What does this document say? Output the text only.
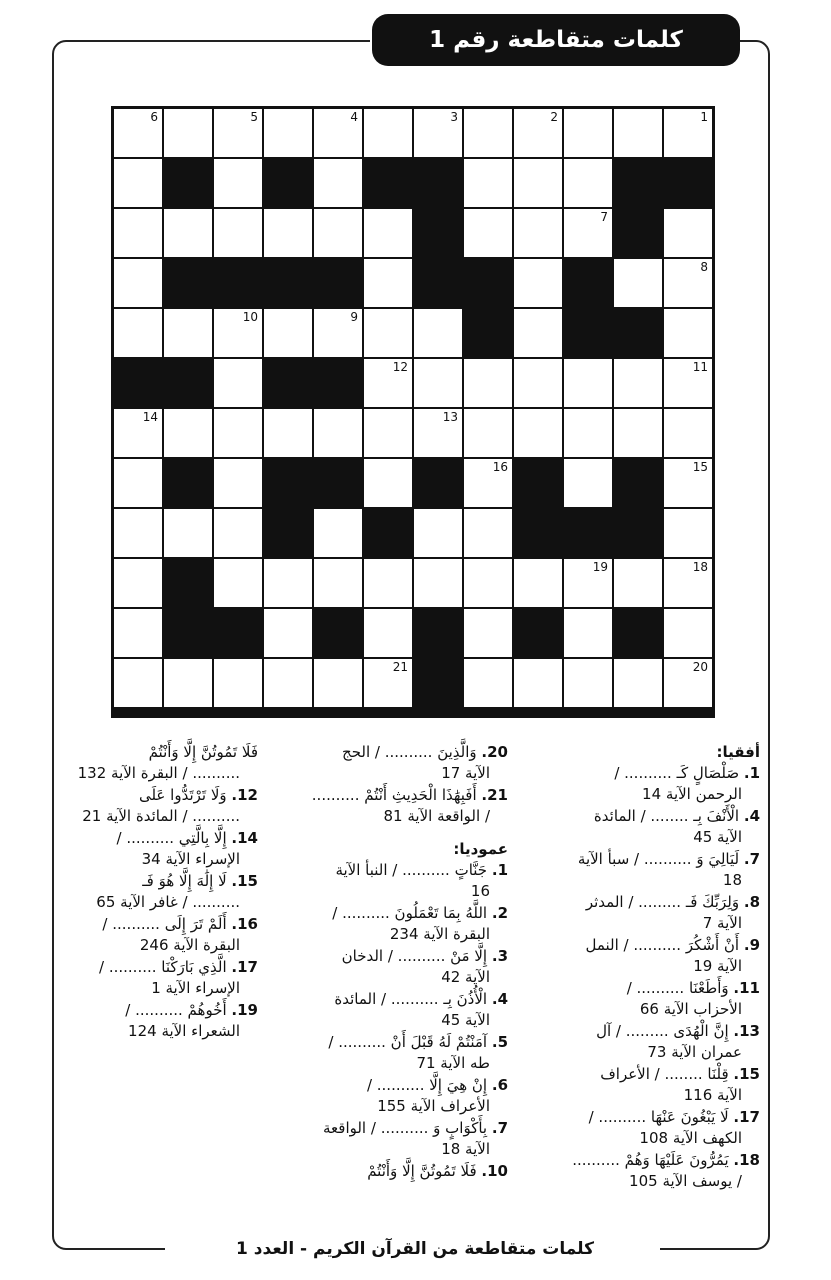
كلمات متقاطعة رقم 1
6	5	4	3	2	1
7
8
10	9
12	11
14	13
16	15
19	18
21	20
أفقيا:
1. صَلْصَالٍ كَـ .......... /
الرحمن الآية 14
4. الْأَنْفَ بِـ ........ / المائدة
الآية 45
7. لَيَالِيَ وَ .......... / سبأ الآية
18
8. وَلِرَبِّكَ فَـ ......... / المدثر
الآية 7
9. أَنْ أَشْكُرَ .......... / النمل
الآية 19
11. وَأَطَعْنَا .......... /
الأحزاب الآية 66
13. إِنَّ الْهُدَى ......... / آل
عمران الآية 73
15. قِلْنَا ........ / الأعراف
الآية 116
17. لَا يَبْغُونَ عَنْهَا .......... /
الكهف الآية 108
18. يَمُرُّونَ عَلَيْهَا وَهُمْ ..........
/ يوسف الآية 105
20. وَالَّذِينَ .......... / الحج
الآية 17
21. أَفَبِهَٰذَا الْحَدِيثِ أَنْتُمْ ..........
/ الواقعة الآية 81
عموديا:
1. جَنَّاتٍ .......... / النبأ الآية
16
2. اللَّهُ بِمَا تَعْمَلُونَ .......... /
البقرة الآية 234
3. إِلَّا مَنْ .......... / الدخان
الآية 42
4. الْأُذُنَ بِـ .......... / المائدة
الآية 45
5. آمَنْتُمْ لَهُ قَبْلَ أَنْ .......... /
طه الآية 71
6. إِنْ هِيَ إِلَّا .......... /
الأعراف الآية 155
7. بِأَكْوَابٍ وَ .......... / الواقعة
الآية 18
10. فَلَا تَمُوتُنَّ إِلَّا وَأَنْتُمْ
فَلَا تَمُوتُنَّ إِلَّا وَأَنْتُمْ
.......... / البقرة الآية 132
12. وَلَا تَرْتَدُّوا عَلَى
.......... / المائدة الآية 21
14. إِلَّا بِالَّتِي .......... /
الإسراء الآية 34
15. لَا إِلَٰهَ إِلَّا هُوَ فَـ
.......... / غافر الآية 65
16. أَلَمْ تَرَ إِلَى .......... /
البقرة الآية 246
17. الَّذِي بَارَكْنَا .......... /
الإسراء الآية 1
19. أَخُوهُمْ .......... /
الشعراء الآية 124
كلمات متقاطعة من القرآن الكريم - العدد 1
